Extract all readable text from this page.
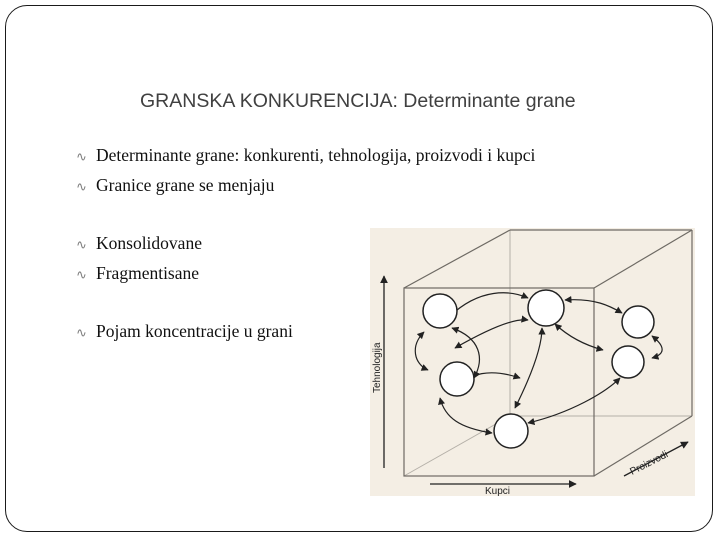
GRANSKA KONKURENCIJA: Determinante grane
∿ Determinante grane: konkurenti, tehnologija, proizvodi i kupci
∿ Granice grane se menjaju
∿ Konsolidovane
∿ Fragmentisane
∿ Pojam koncentracije u grani
Tehnologija
Kupci
Proizvodi
